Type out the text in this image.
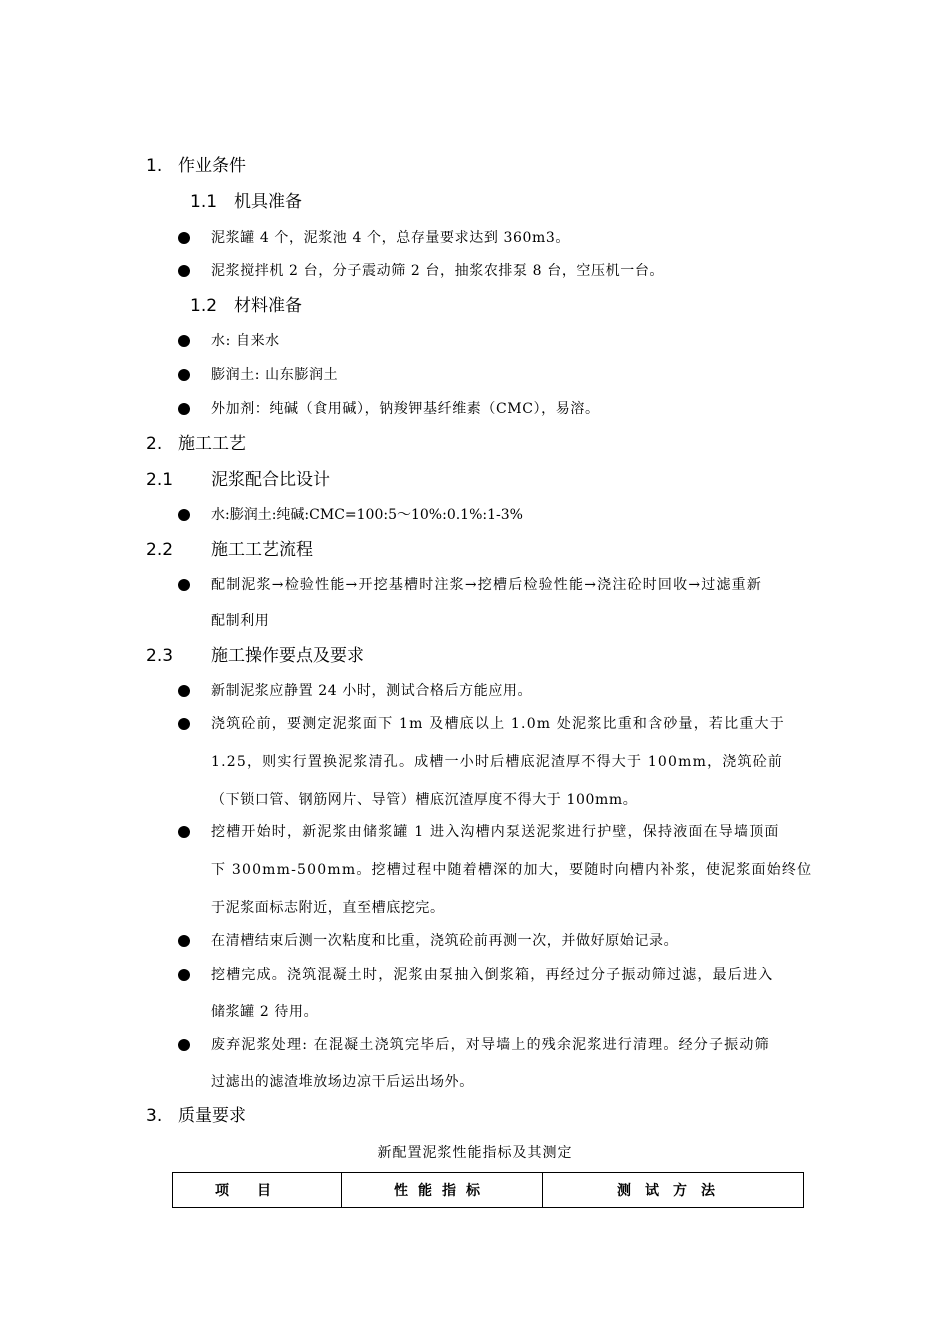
1. 作业条件
1.1 机具准备
泥浆罐 4 个，泥浆池 4 个，总存量要求达到 360m3。
泥浆搅拌机 2 台，分子震动筛 2 台，抽浆农排泵 8 台，空压机一台。
1.2 材料准备
水: 自来水
膨润土: 山东膨润土
外加剂：纯碱（食用碱），钠羧钾基纤维素（CMC），易溶。
2. 施工工艺
2.1 泥浆配合比设计
水:膨润土:纯碱:CMC=100:5～10%:0.1%:1-3%
2.2 施工工艺流程
配制泥浆→检验性能→开挖基槽时注浆→挖槽后检验性能→浇注砼时回收→过滤重新
配制利用
2.3 施工操作要点及要求
新制泥浆应静置 24 小时，测试合格后方能应用。
浇筑砼前，要测定泥浆面下 1m 及槽底以上 1.0m 处泥浆比重和含砂量，若比重大于
1.25，则实行置换泥浆清孔。成槽一小时后槽底泥渣厚不得大于 100mm，浇筑砼前
（下锁口管、钢筋网片、导管）槽底沉渣厚度不得大于 100mm。
挖槽开始时，新泥浆由储浆罐 1 进入沟槽内泵送泥浆进行护壁，保持液面在导墙顶面
下 300mm-500mm。挖槽过程中随着槽深的加大，要随时向槽内补浆，使泥浆面始终位
于泥浆面标志附近，直至槽底挖完。
在清槽结束后测一次粘度和比重，浇筑砼前再测一次，并做好原始记录。
挖槽完成。浇筑混凝土时，泥浆由泵抽入倒浆箱，再经过分子振动筛过滤，最后进入
储浆罐 2 待用。
废弃泥浆处理: 在混凝土浇筑完毕后，对导墙上的残余泥浆进行清理。经分子振动筛
过滤出的滤渣堆放场边凉干后运出场外。
3. 质量要求
新配置泥浆性能指标及其测定
项目	性能指标	测试方法
